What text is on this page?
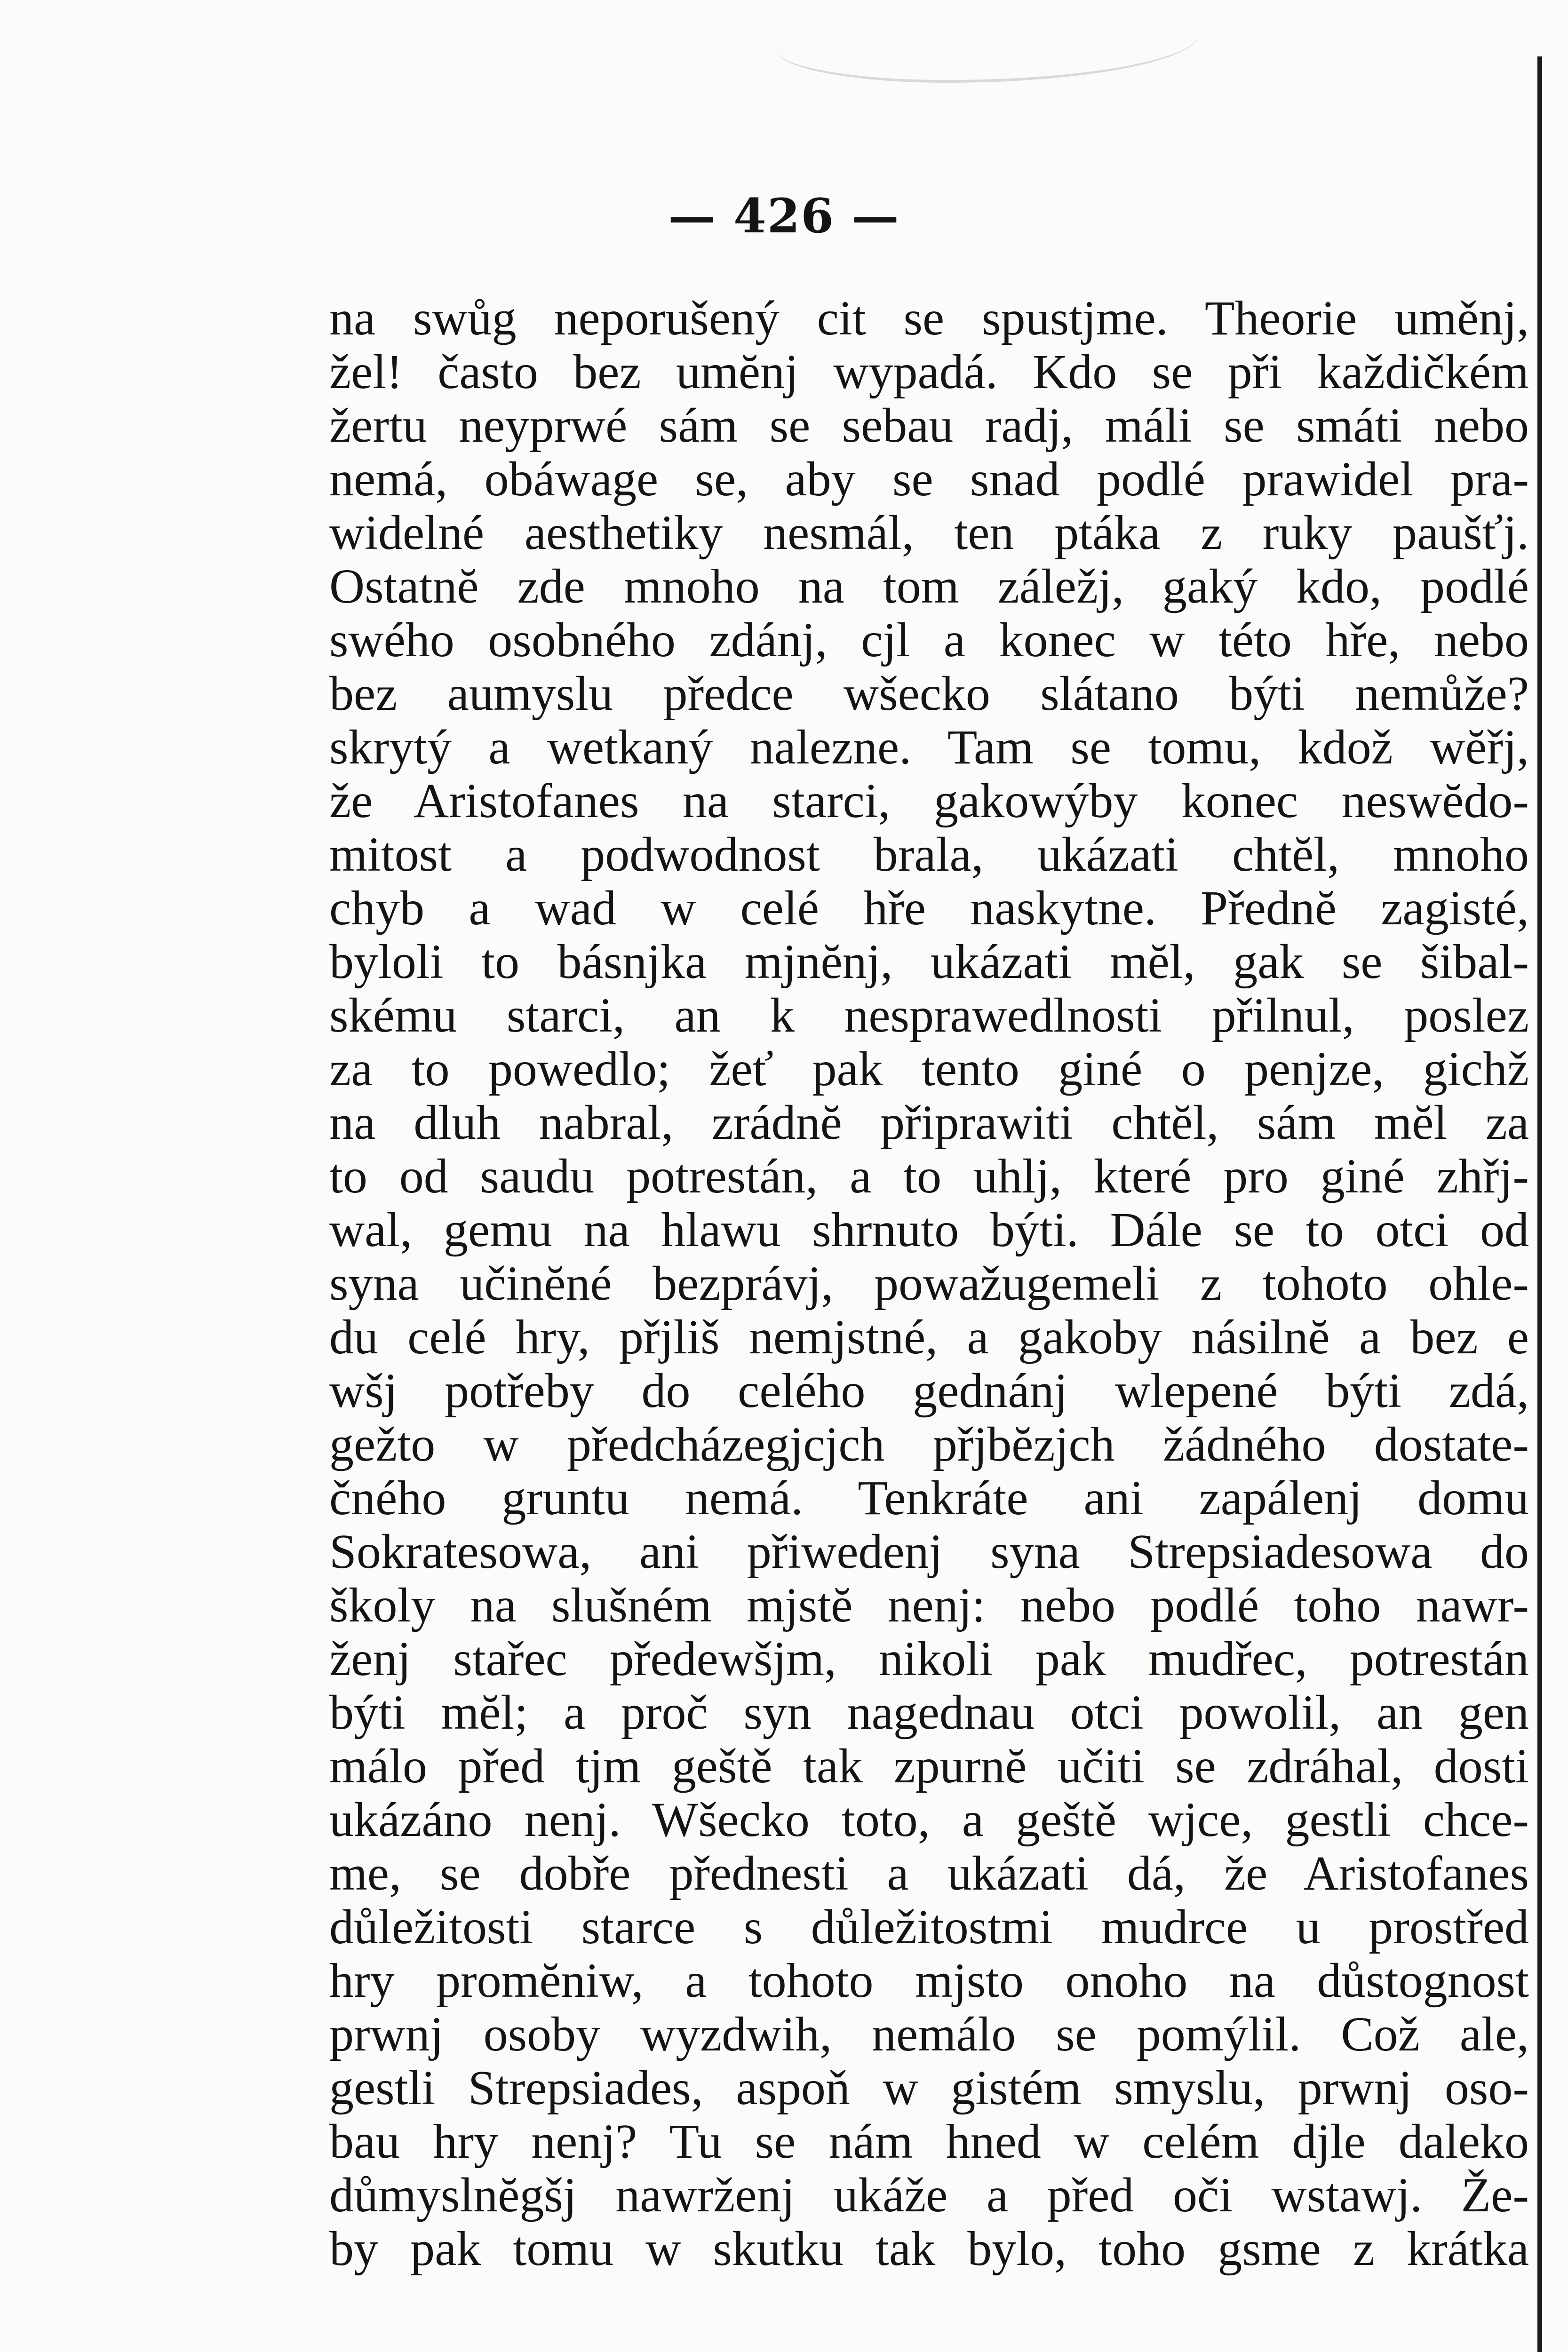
— 426 —
na swůg neporušený cit se spustjme. Theorie uměnj,
žel! často bez umĕnj wypadá. Kdo se při každičkém
žertu neyprwé sám se sebau radj, máli se smáti nebo
nemá, obáwage se, aby se snad podlé prawidel pra-
widelné aesthetiky nesmál, ten ptáka z ruky paušťj.
Ostatnĕ zde mnoho na tom záležj, gaký kdo, podlé
swého osobného zdánj, cjl a konec w této hře, nebo
bez aumyslu předce wšecko slátano býti nemůže?
skrytý a wetkaný nalezne. Tam se tomu, kdož wĕřj,
že Aristofanes na starci, gakowýby konec neswĕdo-
mitost a podwodnost brala, ukázati chtĕl, mnoho
chyb a wad w celé hře naskytne. Přednĕ zagisté,
byloli to básnjka mjnĕnj, ukázati mĕl, gak se šibal-
skému starci, an k nesprawedlnosti přilnul, poslez
za to powedlo; žeť pak tento giné o penjze, gichž
na dluh nabral, zrádnĕ připrawiti chtĕl, sám mĕl za
to od saudu potrestán, a to uhlj, které pro giné zhřj-
wal, gemu na hlawu shrnuto býti. Dále se to otci od
syna učinĕné bezprávj, powažugemeli z tohoto ohle-
du celé hry, přjliš nemjstné, a gakoby násilnĕ a bez e
wšj potřeby do celého gednánj wlepené býti zdá,
gežto w předcházegjcjch přjbĕzjch žádného dostate-
čného gruntu nemá. Tenkráte ani zapálenj domu
Sokratesowa, ani přiwedenj syna Strepsiadesowa do
školy na slušném mjstĕ nenj: nebo podlé toho nawr-
ženj stařec předewšjm, nikoli pak mudřec, potrestán
býti mĕl; a proč syn nagednau otci powolil, an gen
málo před tjm geště tak zpurnĕ učiti se zdráhal, dosti
ukázáno nenj. Wšecko toto, a geště wjce, gestli chce-
me, se dobře přednesti a ukázati dá, že Aristofanes
důležitosti starce s důležitostmi mudrce u prostřed
hry promĕniw, a tohoto mjsto onoho na důstognost
prwnj osoby wyzdwih, nemálo se pomýlil. Což ale,
gestli Strepsiades, aspoň w gistém smyslu, prwnj oso-
bau hry nenj? Tu se nám hned w celém djle daleko
důmyslnĕgšj nawrženj ukáže a před oči wstawj. Že-
by pak tomu w skutku tak bylo, toho gsme z krátka
